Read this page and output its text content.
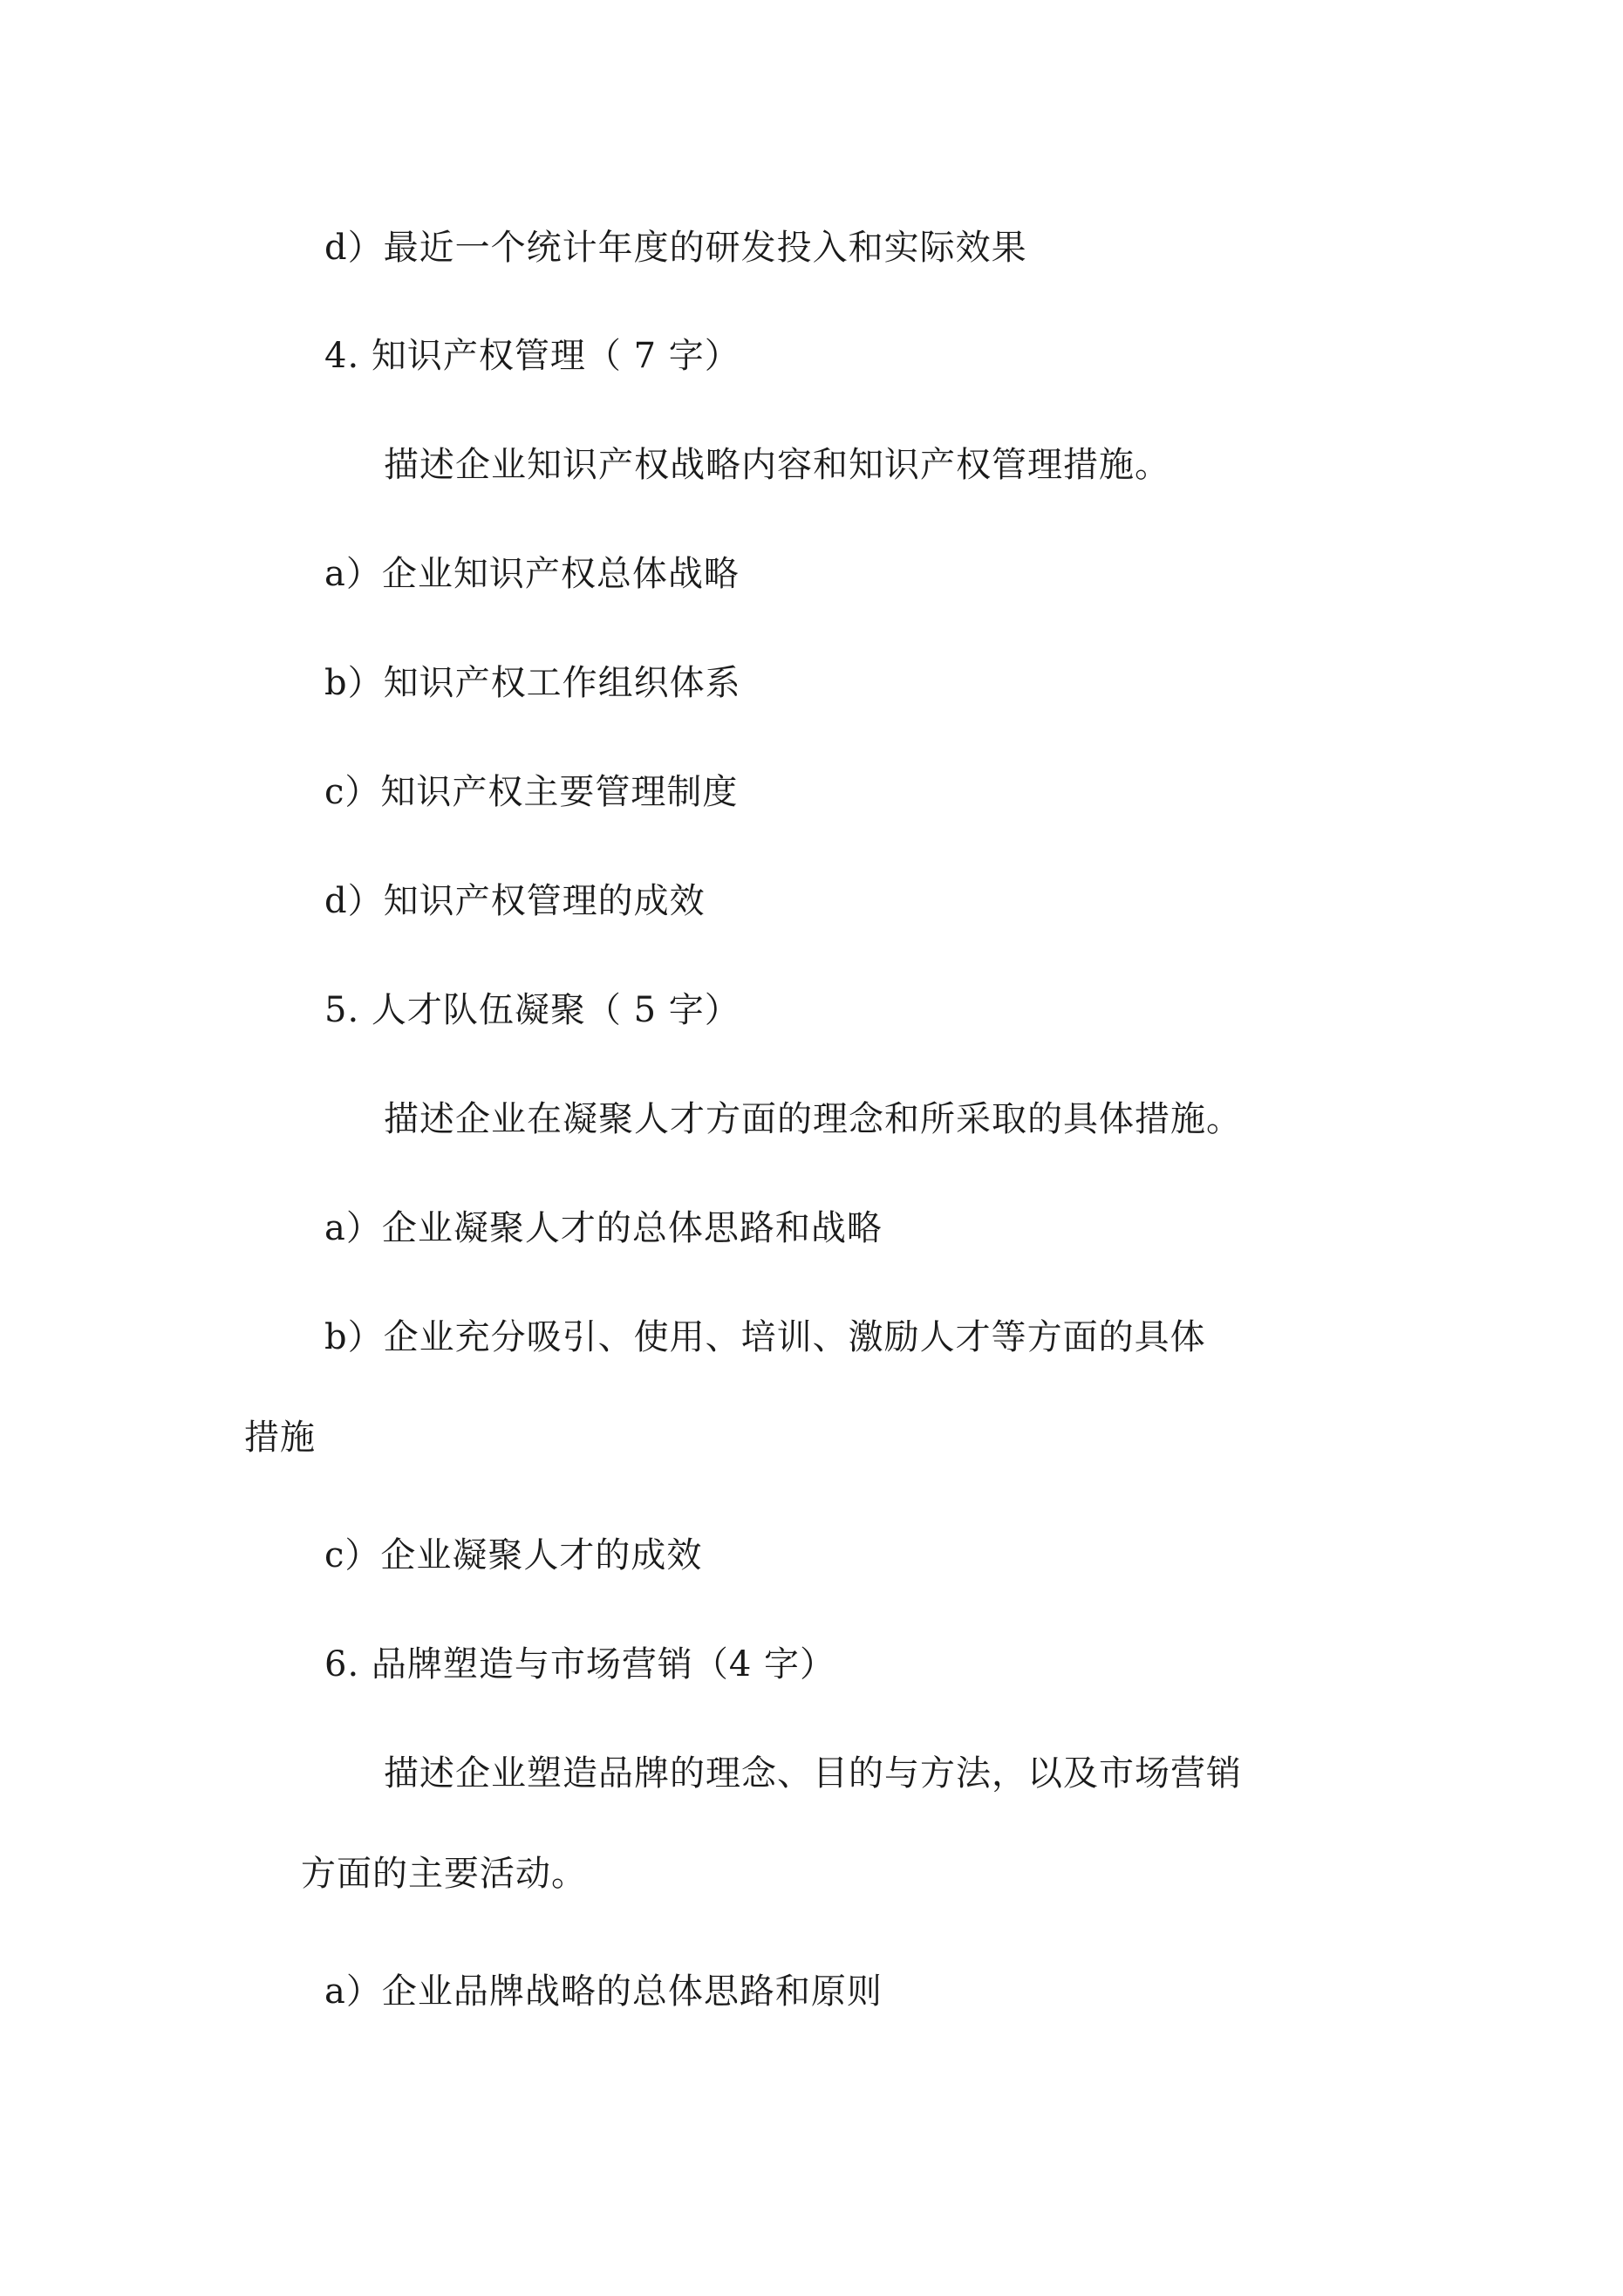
d）最近一个统计年度的研发投入和实际效果
4. 知识产权管理（ 7 字）
描述企业知识产权战略内容和知识产权管理措施。
a）企业知识产权总体战略
b）知识产权工作组织体系
c）知识产权主要管理制度
d）知识产权管理的成效
5. 人才队伍凝聚（ 5 字）
描述企业在凝聚人才方面的理念和所采取的具体措施。
a）企业凝聚人才的总体思路和战略
b）企业充分吸引、使用、培训、激励人才等方面的具体
措施
c）企业凝聚人才的成效
6. 品牌塑造与市场营销（4 字）
描述企业塑造品牌的理念、目的与方法，以及市场营销
方面的主要活动。
a）企业品牌战略的总体思路和原则
